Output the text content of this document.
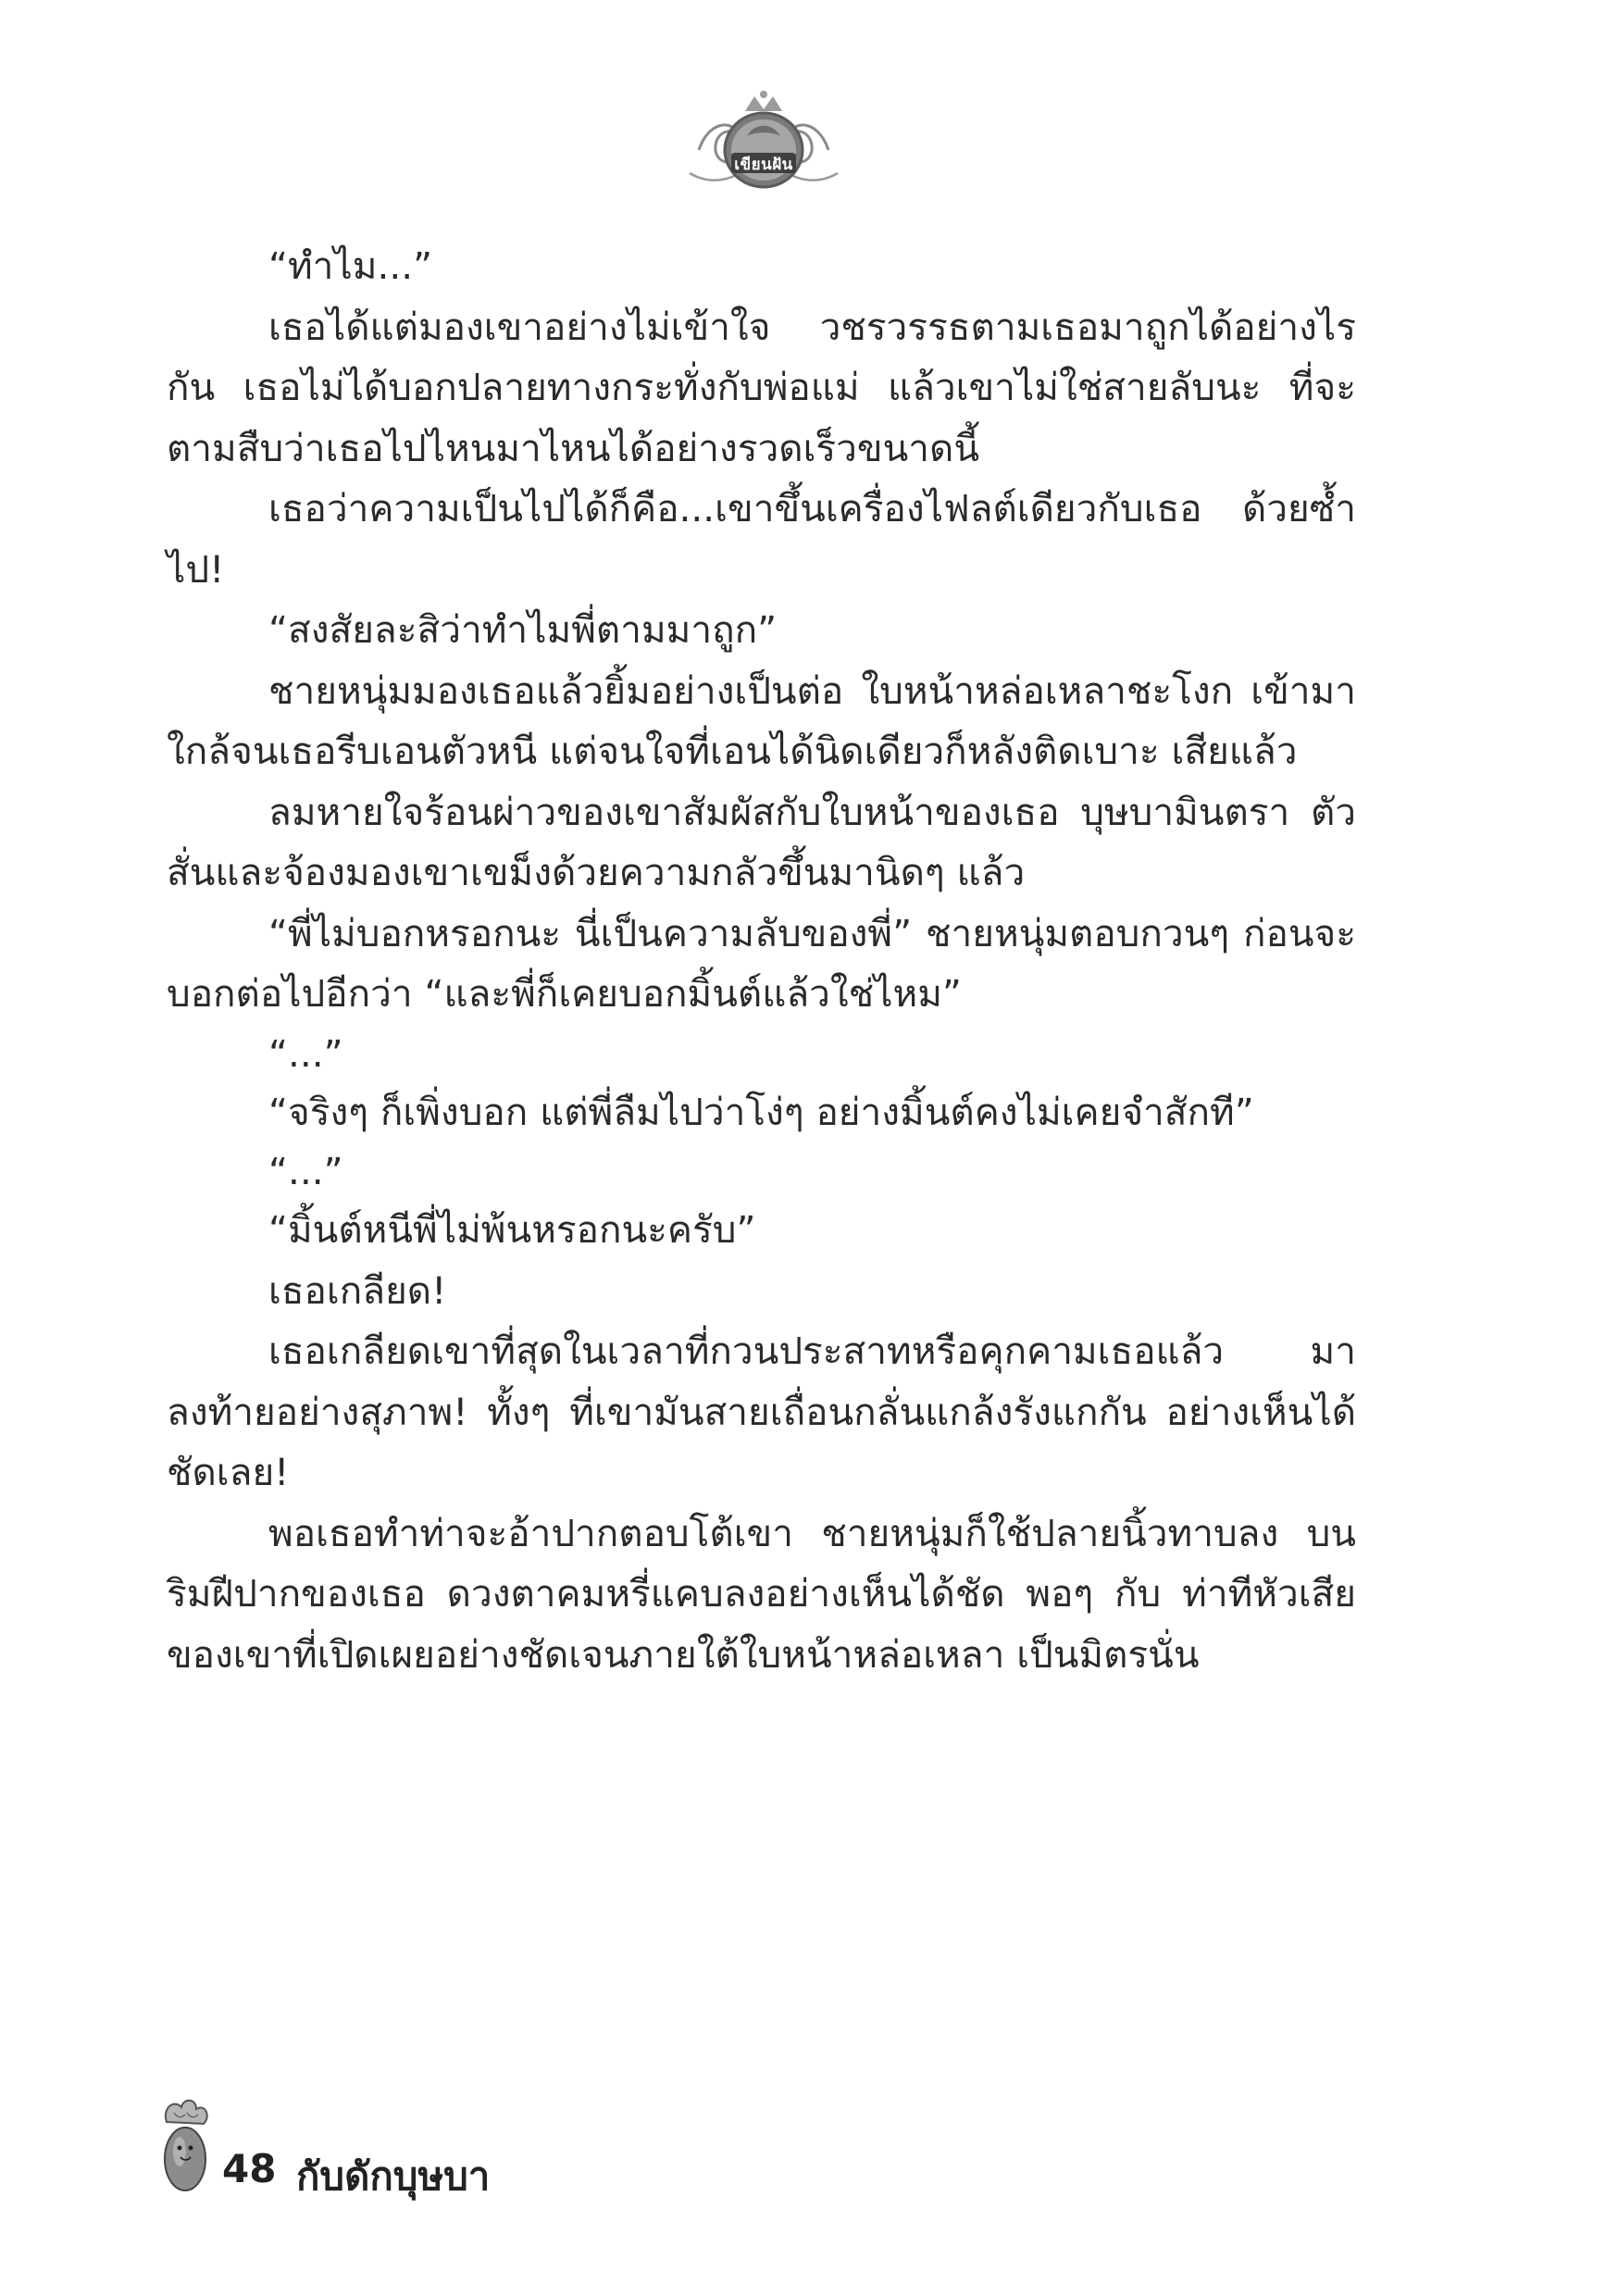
เขียนฝัน

“ทำไม...”

เธอได้แต่มองเขาอย่างไม่เข้าใจ วชรวรรธตามเธอมาถูกได้อย่างไร กัน เธอไม่ได้บอกปลายทางกระทั่งกับพ่อแม่ แล้วเขาไม่ใช่สายลับนะ ที่จะตามสืบว่าเธอไปไหนมาไหนได้อย่างรวดเร็วขนาดนี้

เธอว่าความเป็นไปได้ก็คือ...เขาขึ้นเครื่องไฟลต์เดียวกับเธอ ด้วยซ้ำไป!

“สงสัยละสิว่าทำไมพี่ตามมาถูก”

ชายหนุ่มมองเธอแล้วยิ้มอย่างเป็นต่อ ใบหน้าหล่อเหลาชะโงก เข้ามาใกล้จนเธอรีบเอนตัวหนี แต่จนใจที่เอนได้นิดเดียวก็หลังติดเบาะ เสียแล้ว

ลมหายใจร้อนผ่าวของเขาสัมผัสกับใบหน้าของเธอ บุษบามินตรา ตัวสั่นและจ้องมองเขาเขม็งด้วยความกลัวขึ้นมานิดๆ แล้ว

“พี่ไม่บอกหรอกนะ นี่เป็นความลับของพี่” ชายหนุ่มตอบกวนๆ ก่อนจะบอกต่อไปอีกว่า “และพี่ก็เคยบอกมิ้นต์แล้วใช่ไหม”

“...”

“จริงๆ ก็เพิ่งบอก แต่พี่ลืมไปว่าโง่ๆ อย่างมิ้นต์คงไม่เคยจำสักที”

“...”

“มิ้นต์หนีพี่ไม่พ้นหรอกนะครับ”

เธอเกลียด!

เธอเกลียดเขาที่สุดในเวลาที่กวนประสาทหรือคุกคามเธอแล้ว มาลงท้ายอย่างสุภาพ! ทั้งๆ ที่เขามันสายเถื่อนกลั่นแกล้งรังแกกัน อย่างเห็นได้ชัดเลย!

พอเธอทำท่าจะอ้าปากตอบโต้เขา ชายหนุ่มก็ใช้ปลายนิ้วทาบลง บนริมฝีปากของเธอ ดวงตาคมหรี่แคบลงอย่างเห็นได้ชัด พอๆ กับ ท่าทีหัวเสียของเขาที่เปิดเผยอย่างชัดเจนภายใต้ใบหน้าหล่อเหลา เป็นมิตรนั่น

48 กับดักบุษบา
